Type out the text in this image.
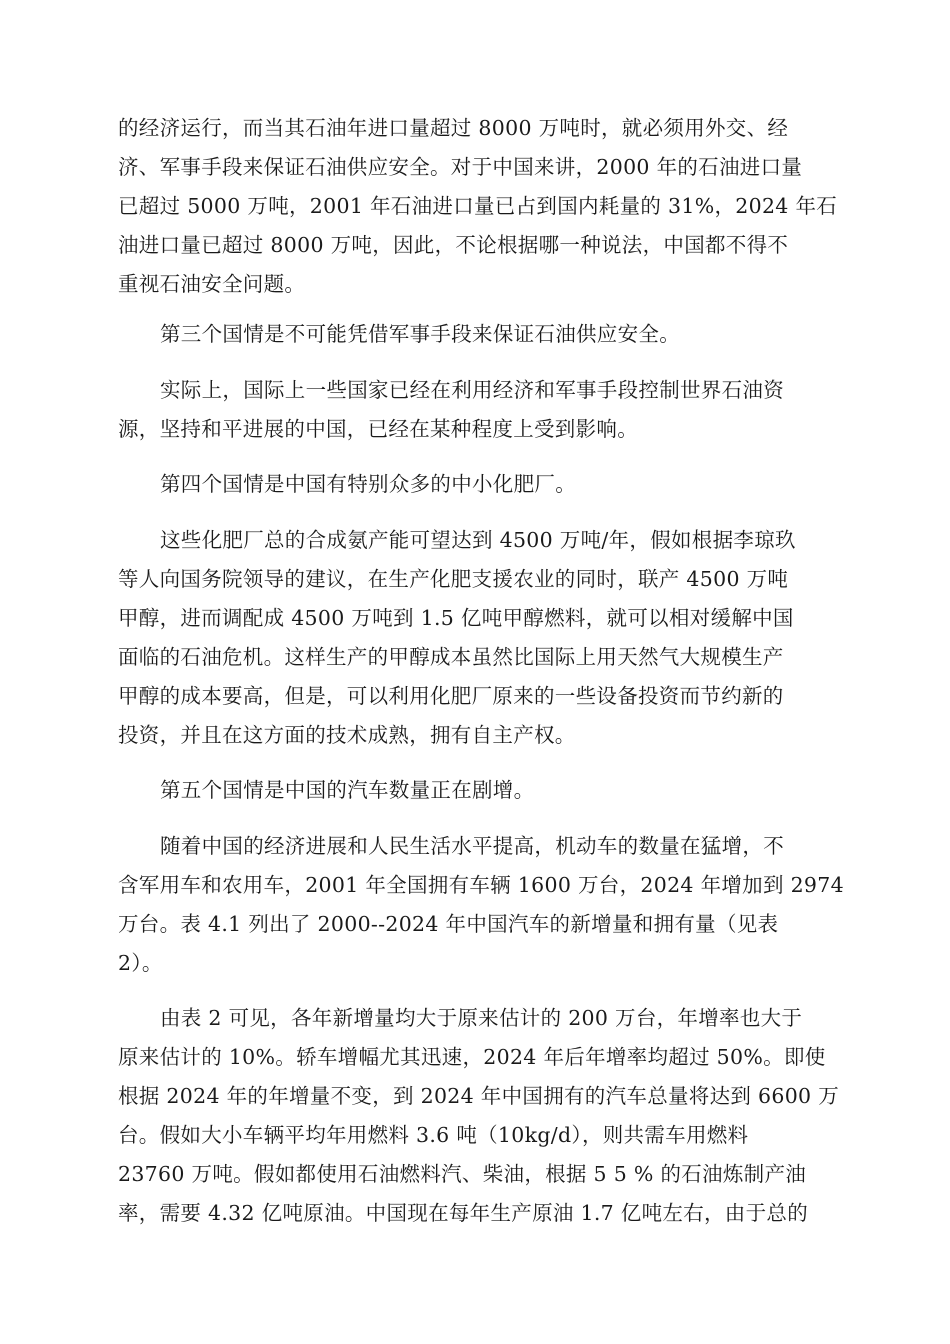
的经济运行，而当其石油年进口量超过 8000 万吨时，就必须用外交、经

济、军事手段来保证石油供应安全。对于中国来讲，2000 年的石油进口量

已超过 5000 万吨，2001 年石油进口量已占到国内耗量的 31%，2024 年石

油进口量已超过 8000 万吨，因此，不论根据哪一种说法，中国都不得不

重视石油安全问题。

第三个国情是不可能凭借军事手段来保证石油供应安全。

实际上，国际上一些国家已经在利用经济和军事手段控制世界石油资

源，坚持和平进展的中国，已经在某种程度上受到影响。

第四个国情是中国有特别众多的中小化肥厂。

这些化肥厂总的合成氨产能可望达到 4500 万吨/年，假如根据李琼玖

等人向国务院领导的建议，在生产化肥支援农业的同时，联产 4500 万吨

甲醇，进而调配成 4500 万吨到 1.5 亿吨甲醇燃料，就可以相对缓解中国

面临的石油危机。这样生产的甲醇成本虽然比国际上用天然气大规模生产

甲醇的成本要高，但是，可以利用化肥厂原来的一些设备投资而节约新的

投资，并且在这方面的技术成熟，拥有自主产权。

第五个国情是中国的汽车数量正在剧增。

随着中国的经济进展和人民生活水平提高，机动车的数量在猛增，不

含军用车和农用车，2001 年全国拥有车辆 1600 万台，2024 年增加到 2974

万台。表 4.1 列出了 2000--2024 年中国汽车的新增量和拥有量（见表

2）。

由表 2 可见，各年新增量均大于原来估计的 200 万台，年增率也大于

原来估计的 10%。轿车增幅尤其迅速，2024 年后年增率均超过 50%。即使

根据 2024 年的年增量不变，到 2024 年中国拥有的汽车总量将达到 6600 万

台。假如大小车辆平均年用燃料 3.6 吨（10kg/d），则共需车用燃料

23760 万吨。假如都使用石油燃料汽、柴油，根据 5 5 % 的石油炼制产油

率，需要 4.32 亿吨原油。中国现在每年生产原油 1.7 亿吨左右，由于总的
